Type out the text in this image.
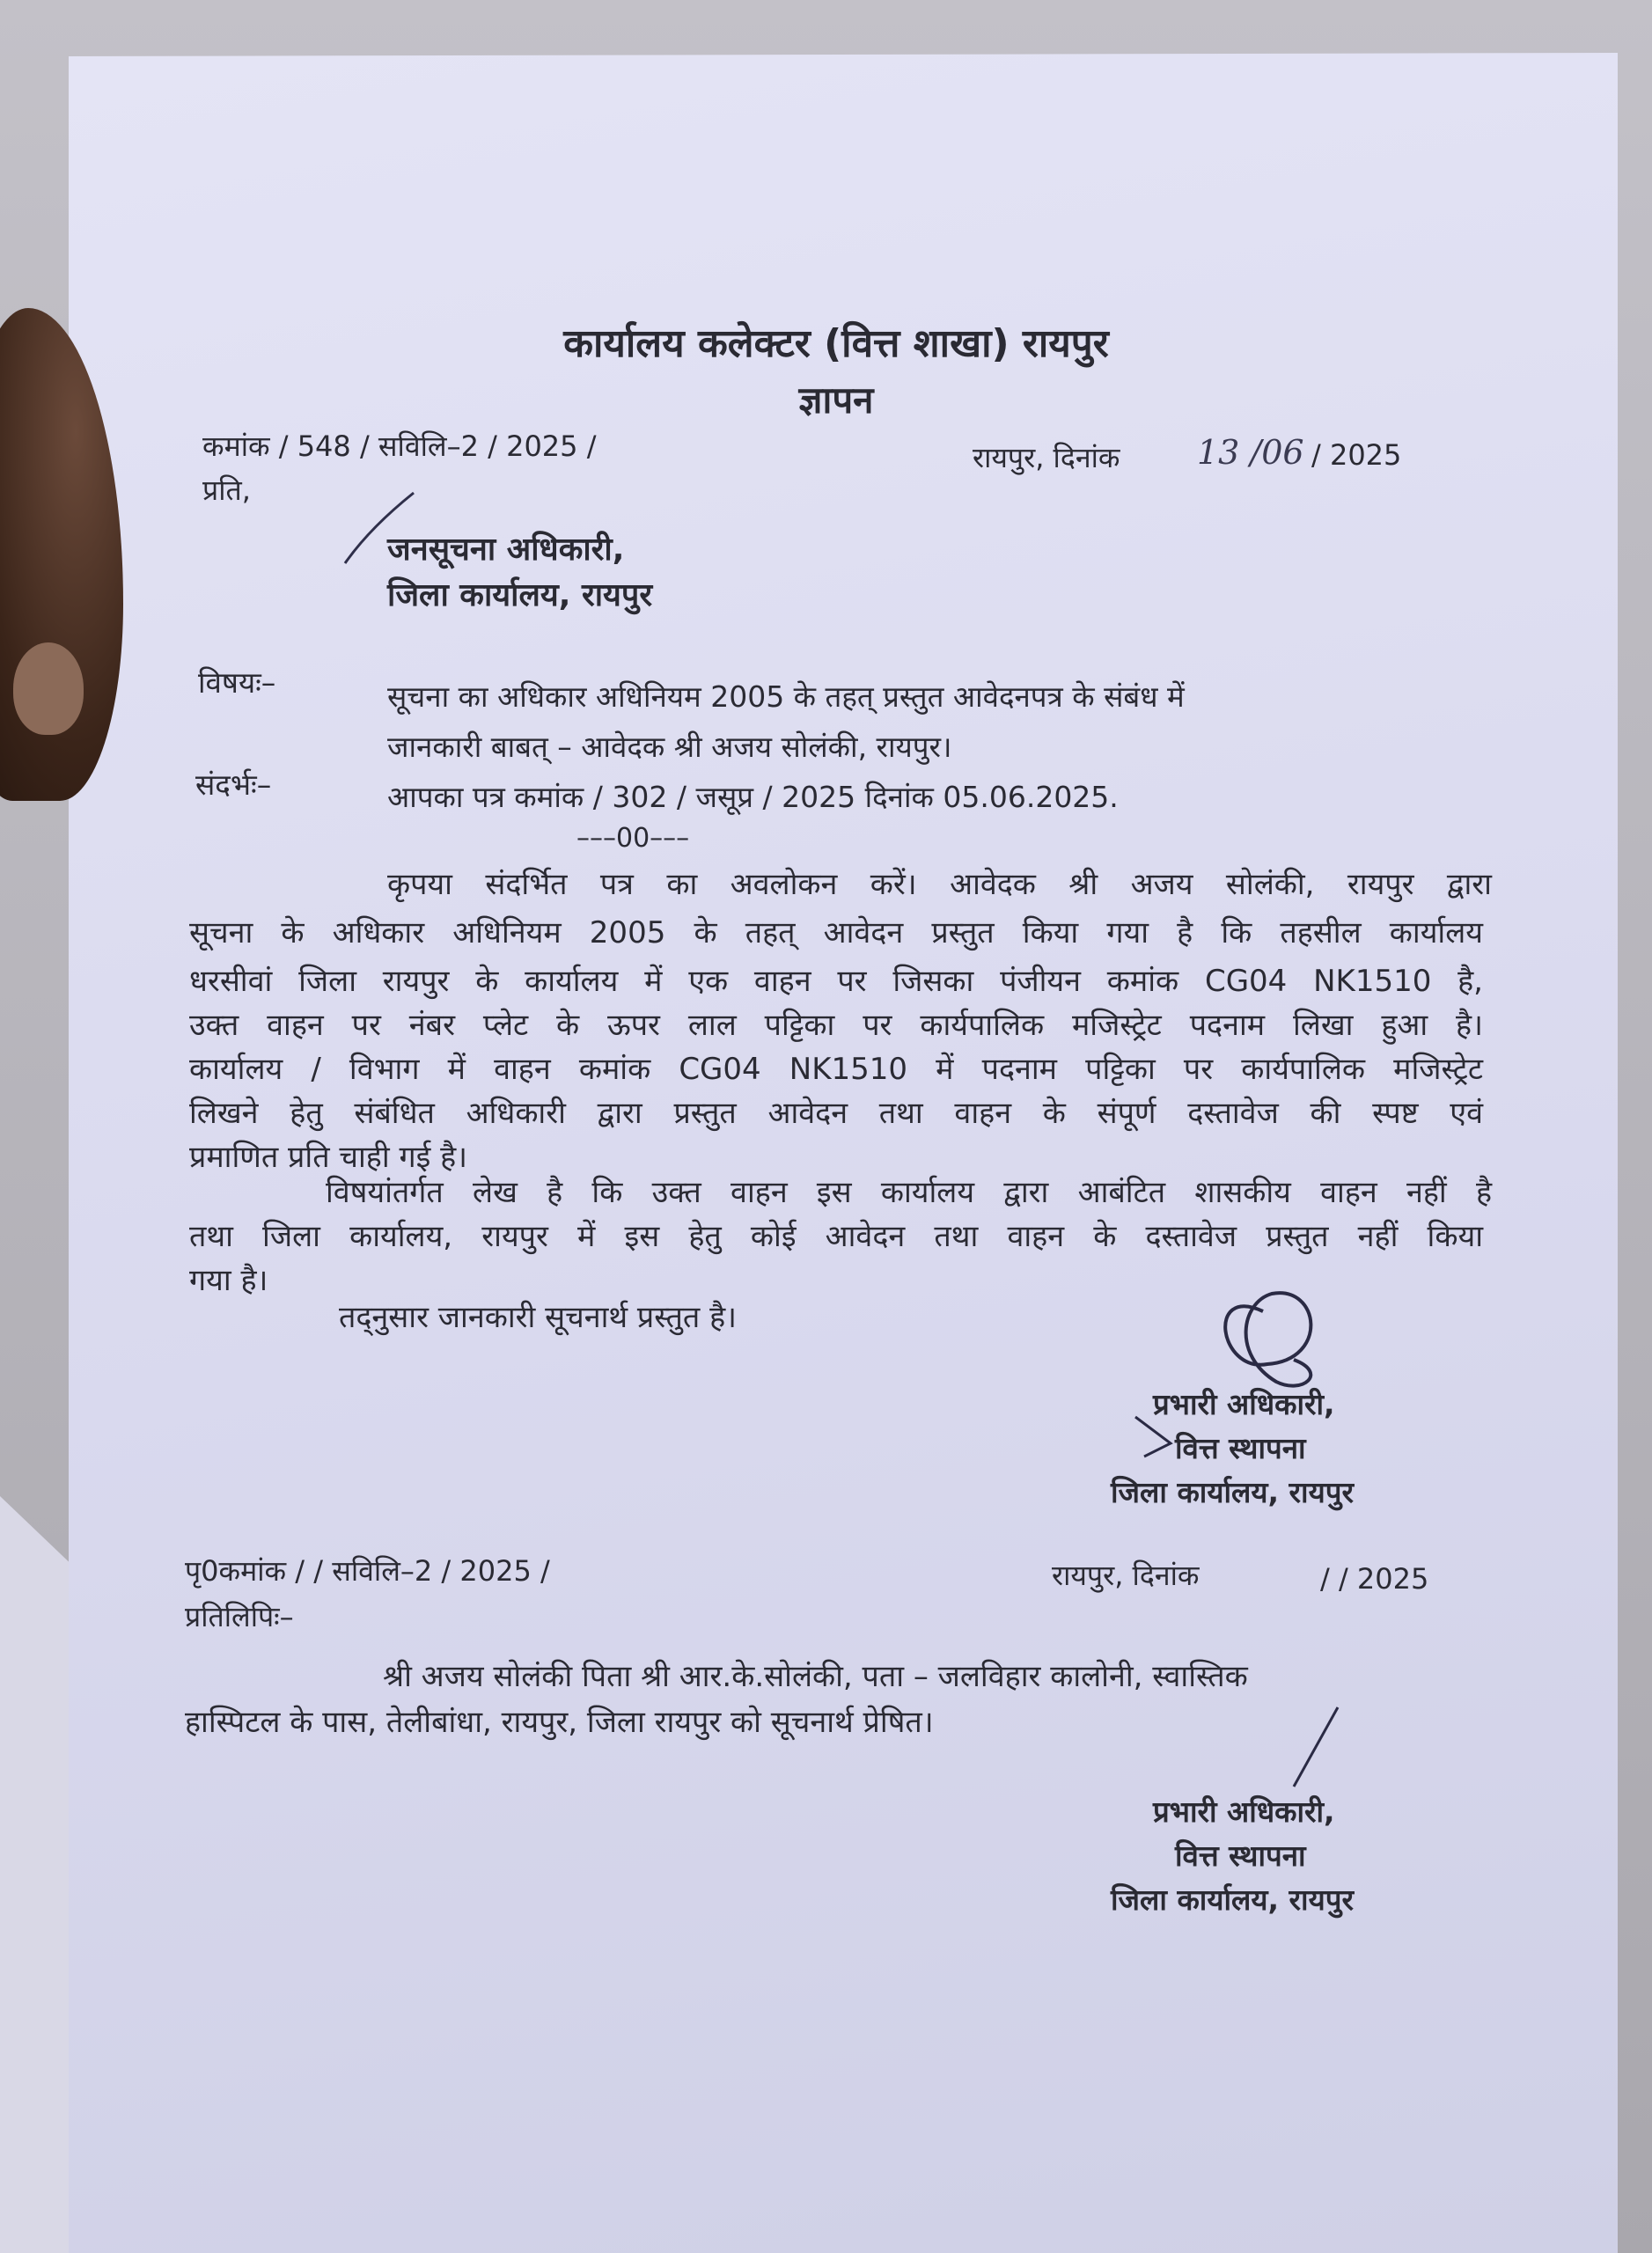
कार्यालय कलेक्टर (वित्त शाखा) रायपुर
ज्ञापन
कमांक / 548 / सविलि–2 / 2025 /	रायपुर, दिनांक 13 /06 / 2025
प्रति,
जनसूचना अधिकारी,
जिला कार्यालय, रायपुर
विषयः–	सूचना का अधिकार अधिनियम 2005 के तहत् प्रस्तुत आवेदनपत्र के संबंध में
जानकारी बाबत् – आवेदक श्री अजय सोलंकी, रायपुर।
संदर्भः–	आपका पत्र कमांक / 302 / जसूप्र / 2025 दिनांक 05.06.2025.
–––00–––
कृपया संदर्भित पत्र का अवलोकन करें। आवेदक श्री अजय सोलंकी, रायपुर द्वारा
सूचना के अधिकार अधिनियम 2005 के तहत् आवेदन प्रस्तुत किया गया है कि तहसील कार्यालय
धरसीवां जिला रायपुर के कार्यालय में एक वाहन पर जिसका पंजीयन कमांक CG04 NK1510 है,
उक्त वाहन पर नंबर प्लेट के ऊपर लाल पट्टिका पर कार्यपालिक मजिस्ट्रेट पदनाम लिखा हुआ है।
कार्यालय / विभाग में वाहन कमांक CG04 NK1510 में पदनाम पट्टिका पर कार्यपालिक मजिस्ट्रेट
लिखने हेतु संबंधित अधिकारी द्वारा प्रस्तुत आवेदन तथा वाहन के संपूर्ण दस्तावेज की स्पष्ट एवं
प्रमाणित प्रति चाही गई है।
विषयांतर्गत लेख है कि उक्त वाहन इस कार्यालय द्वारा आबंटित शासकीय वाहन नहीं है
तथा जिला कार्यालय, रायपुर में इस हेतु कोई आवेदन तथा वाहन के दस्तावेज प्रस्तुत नहीं किया
गया है।
तद्नुसार जानकारी सूचनार्थ प्रस्तुत है।
प्रभारी अधिकारी,
वित्त स्थापना
जिला कार्यालय, रायपुर
पृ0कमांक / / सविलि–2 / 2025 /	रायपुर, दिनांक	/ / 2025
प्रतिलिपिः–
श्री अजय सोलंकी पिता श्री आर.के.सोलंकी, पता – जलविहार कालोनी, स्वास्तिक
हास्पिटल के पास, तेलीबांधा, रायपुर, जिला रायपुर को सूचनार्थ प्रेषित।
प्रभारी अधिकारी,
वित्त स्थापना
जिला कार्यालय, रायपुर
